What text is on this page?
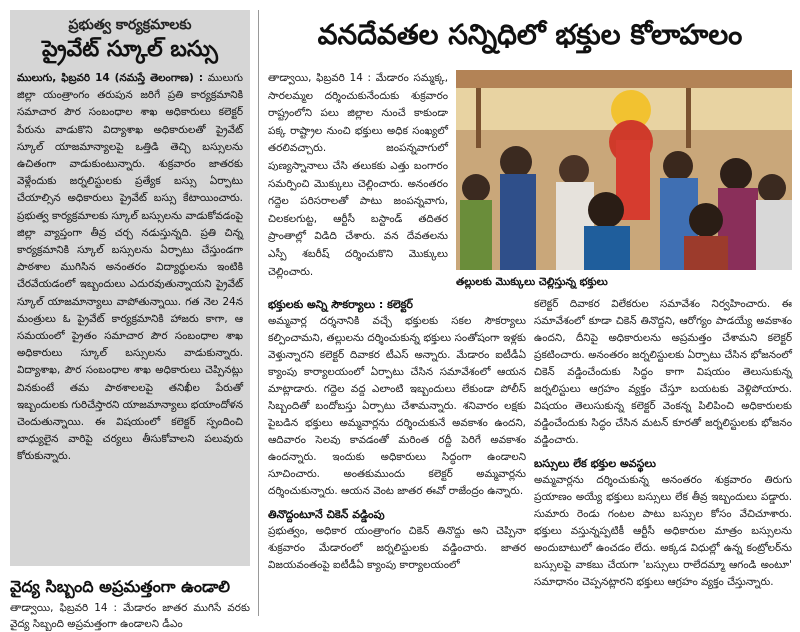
ప్రభుత్వ కార్యక్రమాలకు
ప్రైవేట్ స్కూల్ బస్సు
ములుగు, ఫిబ్రవరి 14 (నమస్తే తెలంగాణ) : ములుగు జిల్లా యంత్రాంగం తరుపున జరిగే ప్రతి కార్యక్రమానికి సమాచార పౌర సంబంధాల శాఖ అధికారులు కలెక్టర్ పేరును వాడుకొని విద్యాశాఖ అధికారులతో ప్రైవేట్ స్కూల్ యాజమాన్యాలపై ఒత్తిడి తెచ్చి బస్సులను ఉచితంగా వాడుకుంటున్నారు. శుక్రవారం జాతరకు వెళ్లేందుకు జర్నలిస్టులకు ప్రత్యేక బస్సు ఏర్పాటు చేయాల్సిన అధికారులు ప్రైవేట్ బస్సు కేటాయించారు. ప్రభుత్వ కార్యక్రమాలకు స్కూల్ బస్సులను వాడుకోవడంపై జిల్లా వ్యాప్తంగా తీవ్ర చర్చ నడుస్తున్నది. ప్రతి చిన్న కార్యక్రమానికి స్కూల్ బస్సులను ఏర్పాటు చేస్తుండగా పాఠశాల ముగిసిన అనంతరం విద్యార్థులను ఇంటికి చేరవేయడంలో ఇబ్బందులు ఎదురవుతున్నాయని ప్రైవేట్ స్కూల్ యాజమాన్యాలు వాపోతున్నాయి. గత నెల 24న మంత్రులు ఓ ప్రైవేట్ కార్యక్రమానికి హాజరు కాగా, ఆ సమయంలో ప్రైతం సమాచార పౌర సంబంధాల శాఖ అధికారులు స్కూల్ బస్సులను వాడుకున్నారు. విద్యాశాఖ, పౌర సంబంధాల శాఖ అధికారులు చెప్పినట్లు వినకుంటే తమ పాఠశాలలపై తనిఖీల పేరుతో ఇబ్బందులకు గురిచేస్తారని యాజమాన్యాలు భయాందోళన చెందుతున్నాయి. ఈ విషయంలో కలెక్టర్ స్పందించి బాధ్యులైన వారిపై చర్యలు తీసుకోవాలని పలువురు కోరుకున్నారు.
వైద్య సిబ్బంది అప్రమత్తంగా ఉండాలి
తాడ్వాయి, ఫిబ్రవరి 14 : మేడారం జాతర ముగిసే వరకు వైద్య సిబ్బంది అప్రమత్తంగా ఉండాలని డీఎం
వనదేవతల సన్నిధిలో భక్తుల కోలాహలం
తాడ్వాయి, ఫిబ్రవరి 14 : మేడారం సమ్మక్క, సారలమ్మల దర్శించుకునేందుకు శుక్రవారం రాష్ట్రంలోని పలు జిల్లాల నుంచే కాకుండా పక్క రాష్ట్రాల నుంచి భక్తులు అధిక సంఖ్యలో తరలివచ్చారు. జంపన్నవాగులో పుణ్యస్నానాలు చేసి తలుకకు ఎత్తు బంగారం సమర్పించి మొక్కులు చెల్లించారు. అనంతరం గద్దెల పరిసరాలతో పాటు జంపన్నవాగు, చిలకలగుట్ట, ఆర్టీసీ బస్టాండ్ తదితర ప్రాంతాల్లో విడిది చేశారు. వన దేవతలను ఎస్పీ శబరీష్ దర్శించుకొని మొక్కులు చెల్లించారు.
తల్లులకు మొక్కులు చెల్లిస్తున్న భక్తులు
భక్తులకు అన్ని సౌకర్యాలు : కలెక్టర్
అమ్మవార్ల దర్శనానికి వచ్చే భక్తులకు సకల సౌకర్యాలు కల్పించామని, తల్లులను దర్శించుకున్న భక్తులు సంతోషంగా ఇళ్లకు వెళ్తున్నారని కలెక్టర్ దివాకర టీఎస్ అన్నారు. మేడారం ఐటీడీఏ క్యాంపు కార్యాలయంలో ఏర్పాటు చేసిన సమావేశంలో ఆయన మాట్లాడారు. గద్దెల వద్ద ఎలాంటి ఇబ్బందులు లేకుండా పోలీస్ సిబ్బందితో బందోబస్తు ఏర్పాటు చేశామన్నారు. శనివారం లక్షకు పైబడిన భక్తులు అమ్మవార్లను దర్శించుకునే అవకాశం ఉందని, ఆదివారం సెలవు కావడంతో మరింత రద్దీ పెరిగే అవకాశం ఉందన్నారు. ఇందుకు అధికారులు సిద్ధంగా ఉండాలని సూచించారు. అంతకుముందు కలెక్టర్ అమ్మవార్లను దర్శించుకున్నారు. ఆయన వెంట జాతర ఈవో రాజేంద్రం ఉన్నారు.
తినొద్దంటూనే చికెన్ వడ్డింపు
ప్రభుత్వం, అధికార యంత్రాంగం చికెన్ తినొద్దు అని చెప్పినా శుక్రవారం మేడారంలో జర్నలిస్టులకు వడ్డించారు. జాతర విజయవంతంపై ఐటీడీఏ క్యాంపు కార్యాలయంలో
కలెక్టర్ దివాకర విలేకరుల సమావేశం నిర్వహించారు. ఈ సమావేశంలో కూడా చికెన్ తినొద్దని, ఆరోగ్యం పాడయ్యే అవకాశం ఉందని, దీనిపై అధికారులను అప్రమత్తం చేశామని కలెక్టర్ ప్రకటించారు. అనంతరం జర్నలిస్టులకు ఏర్పాటు చేసిన భోజనంలో చికెన్ వడ్డించేందుకు సిద్ధం కాగా విషయం తెలుసుకున్న జర్నలిస్టులు ఆగ్రహం వ్యక్తం చేస్తూ బయటకు వెళ్లిపోయారు. విషయం తెలుసుకున్న కలెక్టర్ వెంకన్న పిలిపించి అధికారులకు వడ్డించేందుకు సిద్ధం చేసిన మటన్ కూరతో జర్నలిస్టులకు భోజనం వడ్డించారు.
బస్సులు లేక భక్తుల అవస్థలు
అమ్మవార్లను దర్శించుకున్న అనంతరం శుక్రవారం తిరుగు ప్రయాణం అయ్యే భక్తులు బస్సులు లేక తీవ్ర ఇబ్బందులు పడ్డారు. సుమారు రెండు గంటల పాటు బస్సుల కోసం వేచిచూశారు. భక్తులు వస్తున్నప్పటికీ ఆర్టీసీ అధికారుల మాత్రం బస్సులను అందుబాటులో ఉంచడం లేదు. అక్కడ విధుల్లో ఉన్న కంట్రోలర్‌ను బస్సులపై వాకబు చేయగా 'బస్సులు రాలేదమ్మా ఆగండి అంటూ' సమాధానం చెప్పనట్లారని భక్తులు ఆగ్రహం వ్యక్తం చేస్తున్నారు.
